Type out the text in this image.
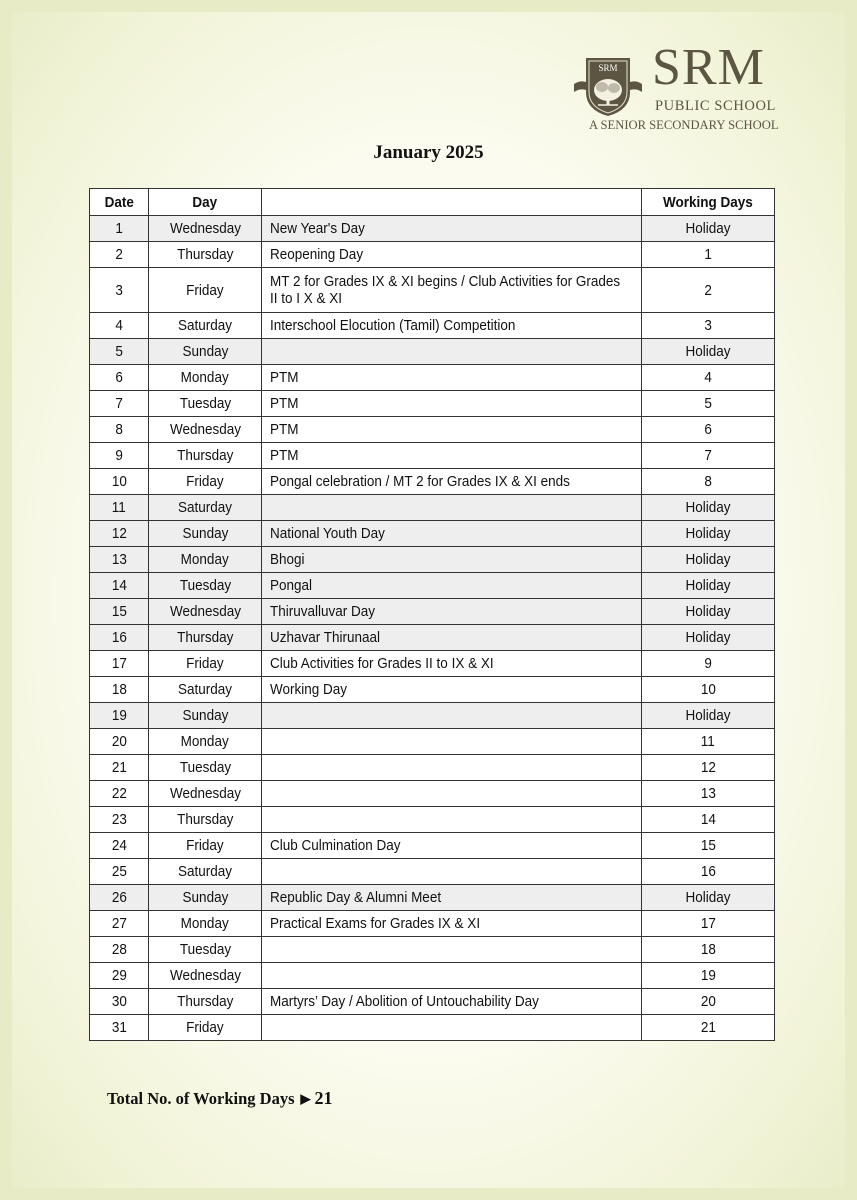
SRM SRM
PUBLIC SCHOOL
A SENIOR SECONDARY SCHOOL
January 2025
Date	Day		Working Days
1	Wednesday	New Year's Day	Holiday
2	Thursday	Reopening Day	1
3	Friday	MT 2 for Grades IX & XI begins / Club Activities for Grades II to I X & XI	2
4	Saturday	Interschool Elocution (Tamil) Competition	3
5	Sunday		Holiday
6	Monday	PTM	4
7	Tuesday	PTM	5
8	Wednesday	PTM	6
9	Thursday	PTM	7
10	Friday	Pongal celebration / MT 2 for Grades IX & XI ends	8
11	Saturday		Holiday
12	Sunday	National Youth Day	Holiday
13	Monday	Bhogi	Holiday
14	Tuesday	Pongal	Holiday
15	Wednesday	Thiruvalluvar Day	Holiday
16	Thursday	Uzhavar Thirunaal	Holiday
17	Friday	Club Activities for Grades II to IX & XI	9
18	Saturday	Working Day	10
19	Sunday		Holiday
20	Monday		11
21	Tuesday		12
22	Wednesday		13
23	Thursday		14
24	Friday	Club Culmination Day	15
25	Saturday		16
26	Sunday	Republic Day & Alumni Meet	Holiday
27	Monday	Practical Exams for Grades IX & XI	17
28	Tuesday		18
29	Wednesday		19
30	Thursday	Martyrs’ Day / Abolition of Untouchability Day	20
31	Friday		21
Total No. of Working Days ▶ 21
